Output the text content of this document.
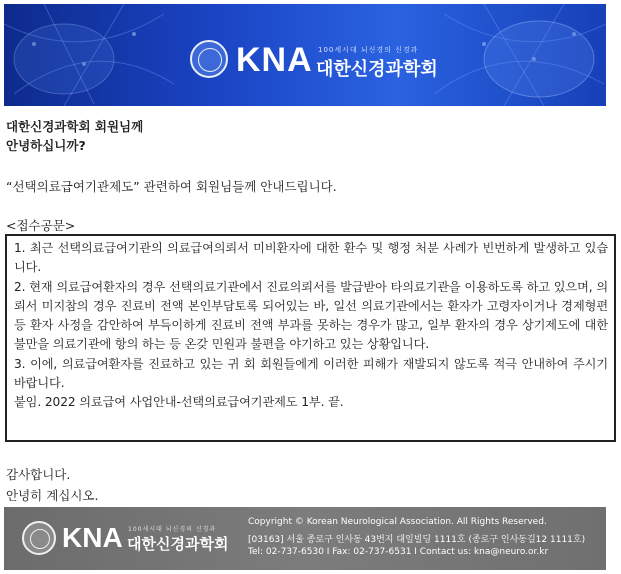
KNA 100세시대 뇌신경의 신경과
대한신경과학회
대한신경과학회 회원님께
안녕하십니까?
“선택의료급여기관제도” 관련하여 회원님들께 안내드립니다.
<접수공문>

1. 최근 선택의료급여기관의 의료급여의뢰서 미비환자에 대한 환수 및 행정 처분 사례가 빈번하게 발생하고 있습니다.

2. 현재 의료급여환자의 경우 선택의료기관에서 진료의뢰서를 발급받아 타의료기관을 이용하도록 하고 있으며, 의뢰서 미지참의 경우 진료비 전액 본인부담토록 되어있는 바, 일선 의료기관에서는 환자가 고령자이거나 경제형편 등 환자 사정을 감안하여 부득이하게 진료비 전액 부과를 못하는 경우가 많고, 일부 환자의 경우 상기제도에 대한 불만을 의료기관에 항의 하는 등 온갖 민원과 불편을 야기하고 있는 상황입니다.

3. 이에, 의료급여환자를 진료하고 있는 귀 회 회원들에게 이러한 피해가 재발되지 않도록 적극 안내하여 주시기 바랍니다.

붙임. 2022 의료급여 사업안내-선택의료급여기관제도 1부. 끝.

감사합니다.
안녕히 계십시오.
KNA 100세시대 뇌신경의 신경과
대한신경과학회
Copyright © Korean Neurological Association. All Rights Reserved.
[03163] 서울 종로구 인사동 43번지 대일빌딩 1111호 (종로구 인사동길12 1111호)
Tel: 02-737-6530 I Fax: 02-737-6531 I Contact us: kna@neuro.or.kr
